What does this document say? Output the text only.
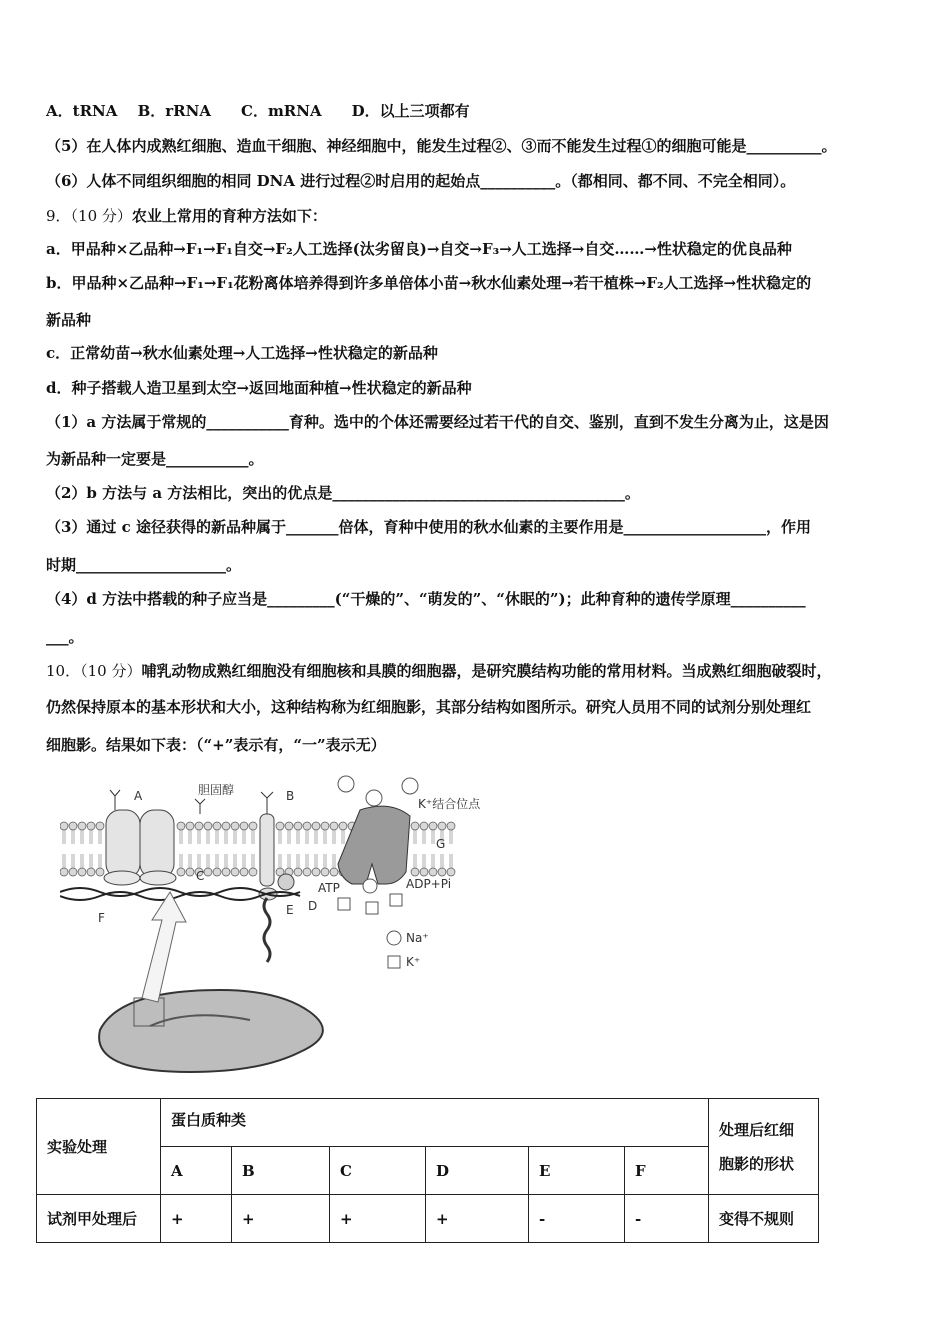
A．tRNA　 B．rRNA　　C．mRNA　　D．以上三项都有
（5）在人体内成熟红细胞、造血干细胞、神经细胞中，能发生过程②、③而不能发生过程①的细胞可能是__________。
（6）人体不同组织细胞的相同 DNA 进行过程②时启用的起始点__________。（都相同、都不同、不完全相同）。
9．（10 分）农业上常用的育种方法如下：
a．甲品种×乙品种→F₁→F₁自交→F₂人工选择(汰劣留良)→自交→F₃→人工选择→自交……→性状稳定的优良品种
b．甲品种×乙品种→F₁→F₁花粉离体培养得到许多单倍体小苗→秋水仙素处理→若干植株→F₂人工选择→性状稳定的
新品种
c．正常幼苗→秋水仙素处理→人工选择→性状稳定的新品种
d．种子搭载人造卫星到太空→返回地面种植→性状稳定的新品种
（1）a 方法属于常规的___________育种。选中的个体还需要经过若干代的自交、鉴别，直到不发生分离为止，这是因
为新品种一定要是___________。
（2）b 方法与 a 方法相比，突出的优点是_______________________________________。
（3）通过 c 途径获得的新品种属于_______倍体，育种中使用的秋水仙素的主要作用是___________________，作用
时期____________________。
（4）d 方法中搭载的种子应当是_________(“干燥的”、“萌发的”、“休眠的”)；此种育种的遗传学原理__________
___。
10．（10 分）哺乳动物成熟红细胞没有细胞核和具膜的细胞器，是研究膜结构功能的常用材料。当成熟红细胞破裂时，
仍然保持原本的基本形状和大小，这种结构称为红细胞影，其部分结构如图所示。研究人员用不同的试剂分别处理红
细胞影。结果如下表：（“+”表示有，“一”表示无）
A	胆固醇	B
K⁺结合位点
G
C
ATP	ADP+Pi
E D
F
Na⁺
K⁺
实验处理	蛋白质种类						处理后红细
胞影的形状
	A	B	C	D	E	F	
试剂甲处理后	+	+	+	+	-	-	变得不规则
